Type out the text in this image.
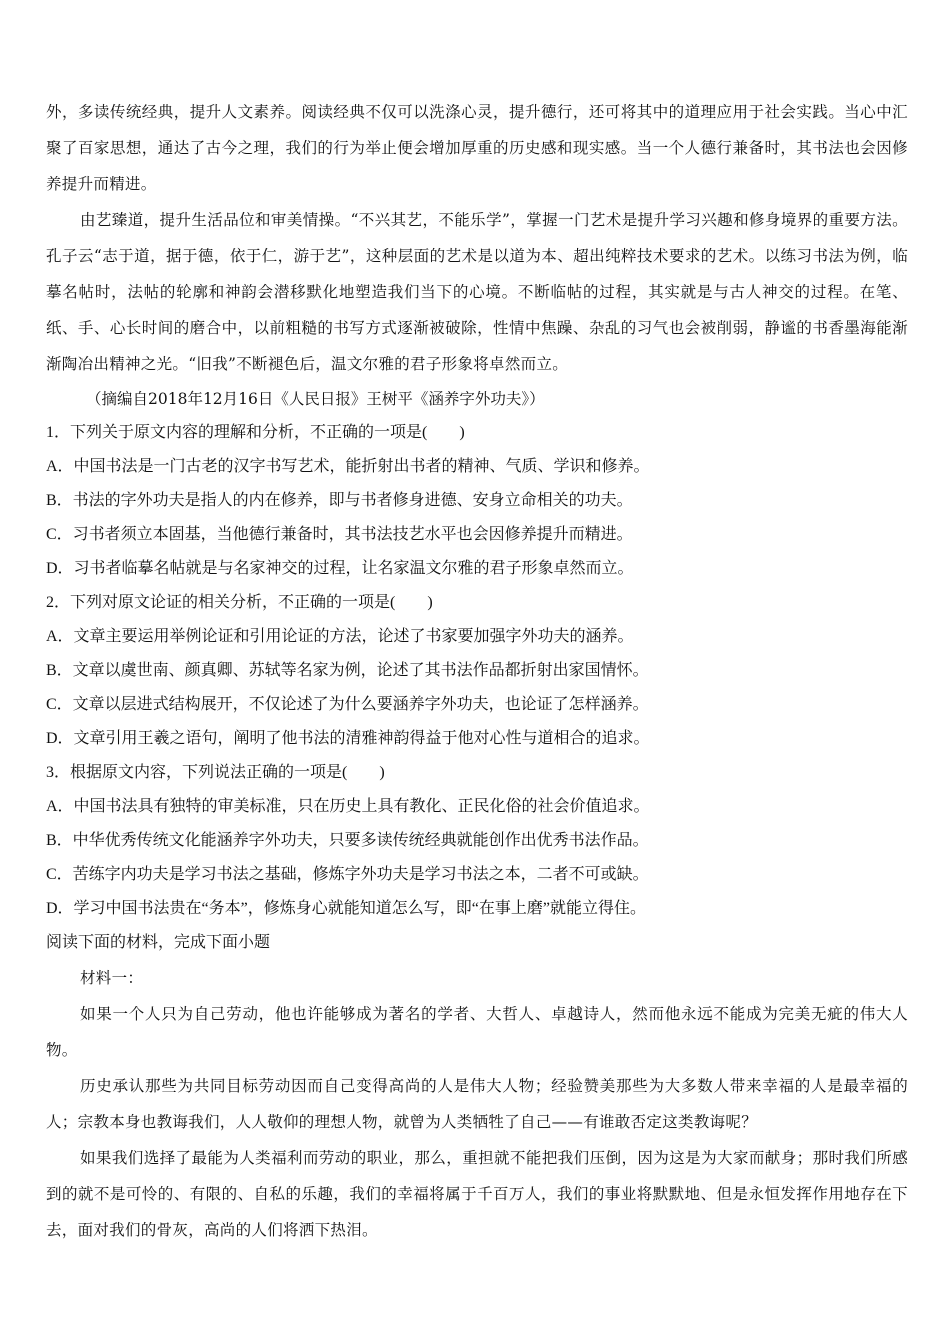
外，多读传统经典，提升人文素养。阅读经典不仅可以洗涤心灵，提升德行，还可将其中的道理应用于社会实践。当心中汇聚了百家思想，通达了古今之理，我们的行为举止便会增加厚重的历史感和现实感。当一个人德行兼备时，其书法也会因修养提升而精进。

由艺臻道，提升生活品位和审美情操。“不兴其艺，不能乐学”，掌握一门艺术是提升学习兴趣和修身境界的重要方法。孔子云“志于道，据于德，依于仁，游于艺”，这种层面的艺术是以道为本、超出纯粹技术要求的艺术。以练习书法为例，临摹名帖时，法帖的轮廓和神韵会潜移默化地塑造我们当下的心境。不断临帖的过程，其实就是与古人神交的过程。在笔、纸、手、心长时间的磨合中，以前粗糙的书写方式逐渐被破除，性情中焦躁、杂乱的习气也会被削弱，静谧的书香墨海能渐渐陶冶出精神之光。“旧我”不断褪色后，温文尔雅的君子形象将卓然而立。

（摘编自2018年12月16日《人民日报》王树平《涵养字外功夫》）

1．下列关于原文内容的理解和分析，不正确的一项是(　　)

A．中国书法是一门古老的汉字书写艺术，能折射出书者的精神、气质、学识和修养。

B．书法的字外功夫是指人的内在修养，即与书者修身进德、安身立命相关的功夫。

C．习书者须立本固基，当他德行兼备时，其书法技艺水平也会因修养提升而精进。

D．习书者临摹名帖就是与名家神交的过程，让名家温文尔雅的君子形象卓然而立。

2．下列对原文论证的相关分析，不正确的一项是(　　)

A．文章主要运用举例论证和引用论证的方法，论述了书家要加强字外功夫的涵养。

B．文章以虞世南、颜真卿、苏轼等名家为例，论述了其书法作品都折射出家国情怀。

C．文章以层进式结构展开，不仅论述了为什么要涵养字外功夫，也论证了怎样涵养。

D．文章引用王羲之语句，阐明了他书法的清雅神韵得益于他对心性与道相合的追求。

3．根据原文内容，下列说法正确的一项是(　　)

A．中国书法具有独特的审美标准，只在历史上具有教化、正民化俗的社会价值追求。

B．中华优秀传统文化能涵养字外功夫，只要多读传统经典就能创作出优秀书法作品。

C．苦练字内功夫是学习书法之基础，修炼字外功夫是学习书法之本，二者不可或缺。

D．学习中国书法贵在“务本”，修炼身心就能知道怎么写，即“在事上磨”就能立得住。

阅读下面的材料，完成下面小题

材料一：

如果一个人只为自己劳动，他也许能够成为著名的学者、大哲人、卓越诗人，然而他永远不能成为完美无疵的伟大人物。

历史承认那些为共同目标劳动因而自己变得高尚的人是伟大人物；经验赞美那些为大多数人带来幸福的人是最幸福的人；宗教本身也教诲我们，人人敬仰的理想人物，就曾为人类牺牲了自己——有谁敢否定这类教诲呢？

如果我们选择了最能为人类福利而劳动的职业，那么，重担就不能把我们压倒，因为这是为大家而献身；那时我们所感到的就不是可怜的、有限的、自私的乐趣，我们的幸福将属于千百万人，我们的事业将默默地、但是永恒发挥作用地存在下去，面对我们的骨灰，高尚的人们将洒下热泪。
